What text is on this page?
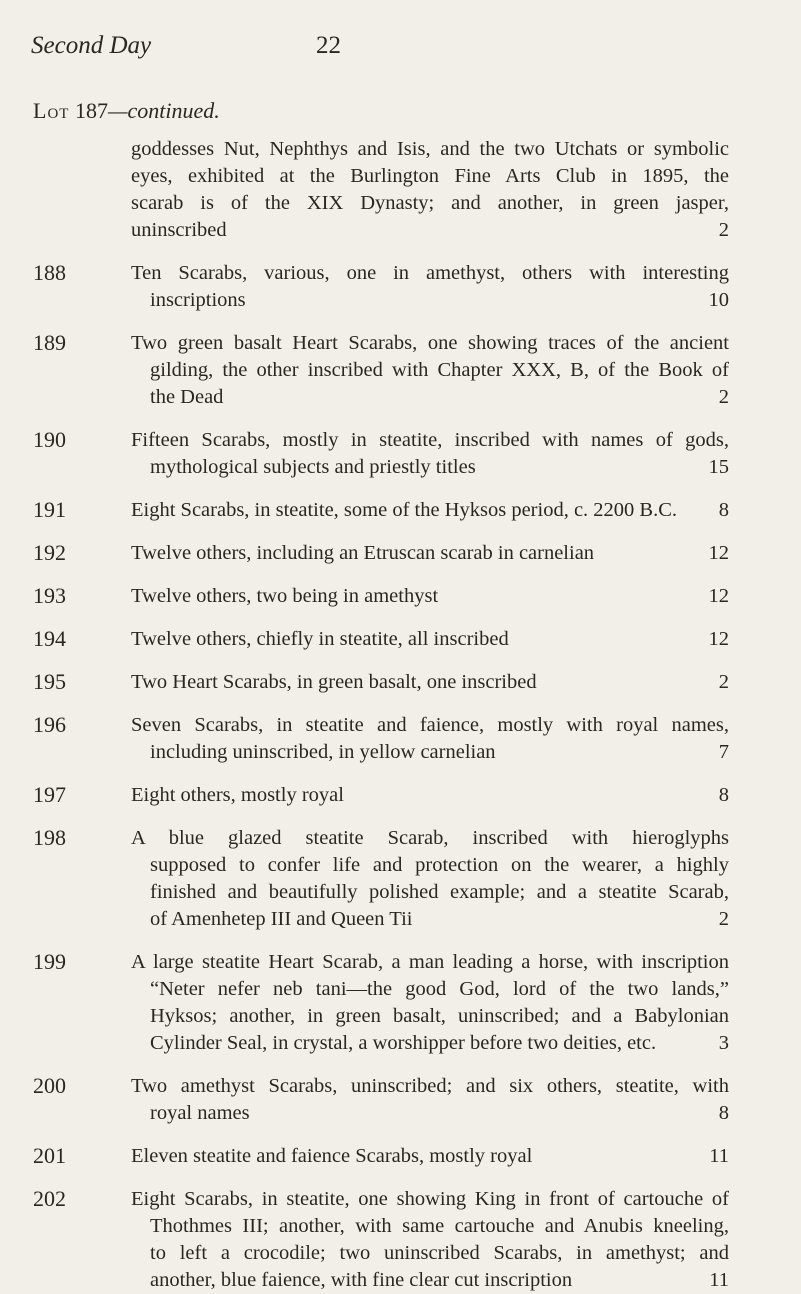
Second Day	22
Lot 187—continued.
goddesses Nut, Nephthys and Isis, and the two Utchats or symbolic
eyes, exhibited at the Burlington Fine Arts Club in 1895, the
scarab is of the XIX Dynasty; and another, in green jasper,
uninscribed	2
188	Ten Scarabs, various, one in amethyst, others with interesting
inscriptions	10
189	Two green basalt Heart Scarabs, one showing traces of the ancient
gilding, the other inscribed with Chapter XXX, B, of the Book of
the Dead	2
190	Fifteen Scarabs, mostly in steatite, inscribed with names of gods,
mythological subjects and priestly titles	15
191	Eight Scarabs, in steatite, some of the Hyksos period, c. 2200 B.C. 8
192	Twelve others, including an Etruscan scarab in carnelian	12
193	Twelve others, two being in amethyst	12
194	Twelve others, chiefly in steatite, all inscribed	12
195	Two Heart Scarabs, in green basalt, one inscribed	2
196	Seven Scarabs, in steatite and faience, mostly with royal names,
including uninscribed, in yellow carnelian	7
197	Eight others, mostly royal	8
198	A blue glazed steatite Scarab, inscribed with hieroglyphs
supposed to confer life and protection on the wearer, a highly
finished and beautifully polished example; and a steatite Scarab,
of Amenhetep III and Queen Tii	2
199	A large steatite Heart Scarab, a man leading a horse, with inscription
“Neter nefer neb tani—the good God, lord of the two lands,”
Hyksos; another, in green basalt, uninscribed; and a Babylonian
Cylinder Seal, in crystal, a worshipper before two deities, etc.	3
200	Two amethyst Scarabs, uninscribed; and six others, steatite, with
royal names	8
201	Eleven steatite and faience Scarabs, mostly royal	11
202	Eight Scarabs, in steatite, one showing King in front of cartouche of
Thothmes III; another, with same cartouche and Anubis kneeling,
to left a crocodile; two uninscribed Scarabs, in amethyst; and
another, blue faience, with fine clear cut inscription	11
